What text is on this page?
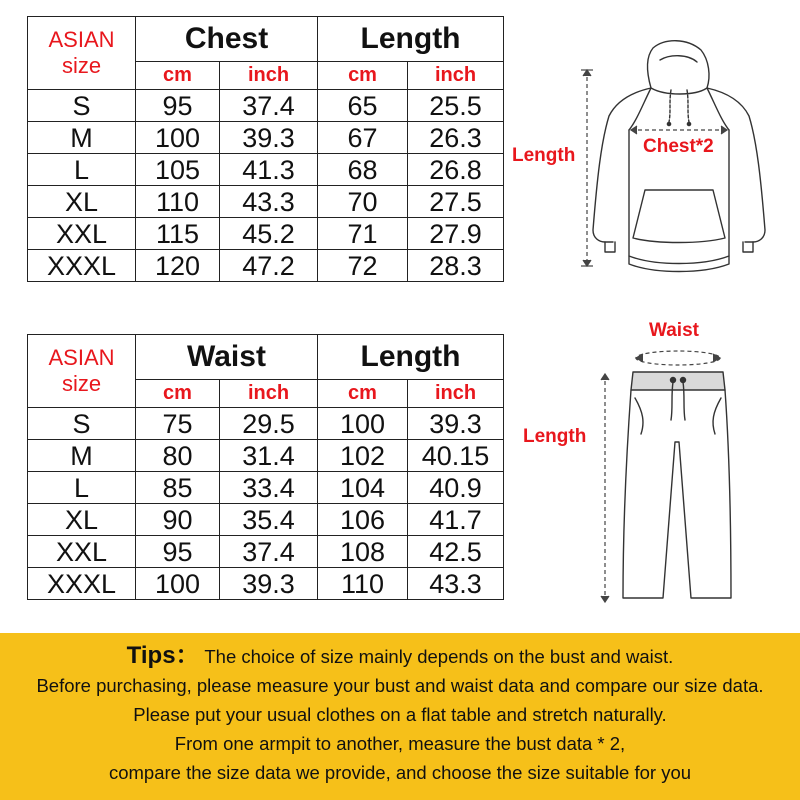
ASIAN
size	Chest		Length	
	cm	inch	cm	inch
S	95	37.4	65	25.5
M	100	39.3	67	26.3
L	105	41.3	68	26.8
XL	110	43.3	70	27.5
XXL	115	45.2	71	27.9
XXXL	120	47.2	72	28.3
ASIAN
size	Waist		Length	
	cm	inch	cm	inch
S	75	29.5	100	39.3
M	80	31.4	102	40.15
L	85	33.4	104	40.9
XL	90	35.4	106	41.7
XXL	95	37.4	108	42.5
XXXL	100	39.3	110	43.3
Length	Chest*2
Waist
Length
Tips： The choice of size mainly depends on the bust and waist.
Before purchasing, please measure your bust and waist data and compare our size data.
Please put your usual clothes on a flat table and stretch naturally.
From one armpit to another, measure the bust data * 2,
compare the size data we provide, and choose the size suitable for you
